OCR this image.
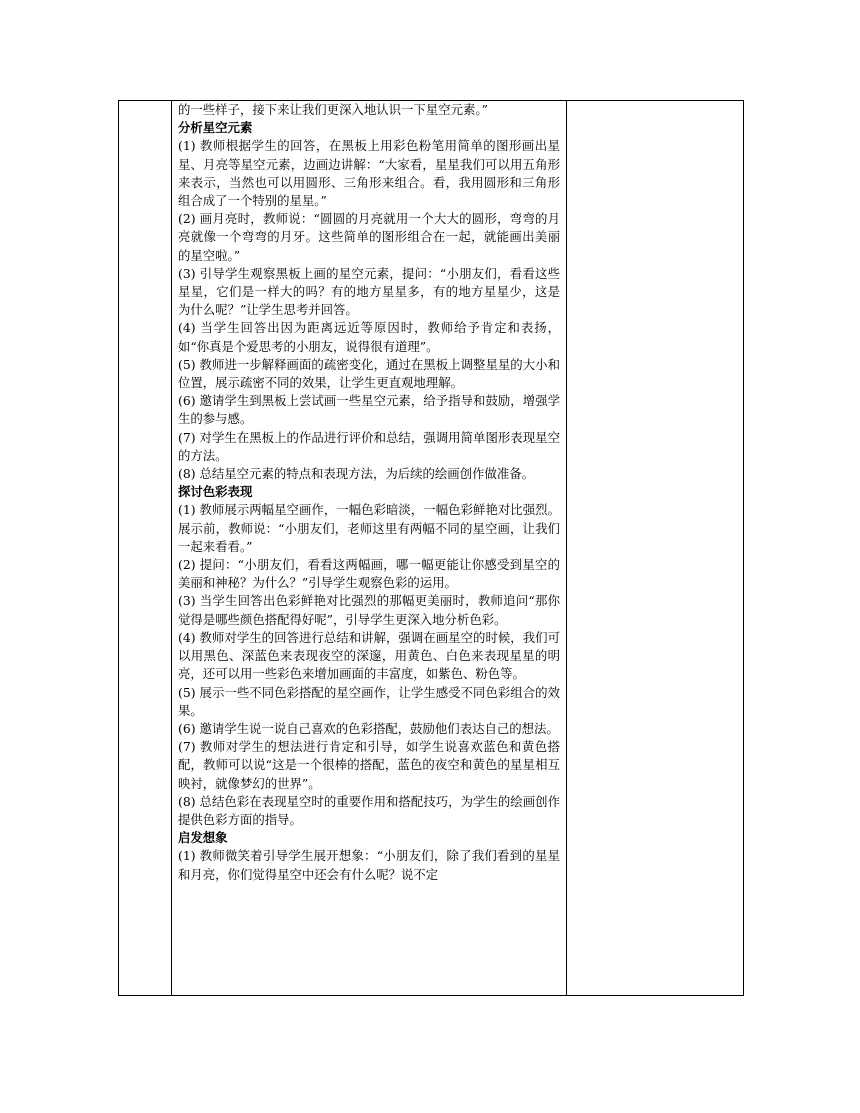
的一些样子，接下来让我们更深入地认识一下星空元素。”

分析星空元素

(1) 教师根据学生的回答，在黑板上用彩色粉笔用简单的图形画出星星、月亮等星空元素，边画边讲解：“大家看，星星我们可以用五角形来表示，当然也可以用圆形、三角形来组合。看，我用圆形和三角形组合成了一个特别的星星。”

(2) 画月亮时，教师说：“圆圆的月亮就用一个大大的圆形，弯弯的月亮就像一个弯弯的月牙。这些简单的图形组合在一起，就能画出美丽的星空啦。”

(3) 引导学生观察黑板上画的星空元素，提问：“小朋友们，看看这些星星，它们是一样大的吗？有的地方星星多，有的地方星星少，这是为什么呢？”让学生思考并回答。

(4) 当学生回答出因为距离远近等原因时，教师给予肯定和表扬，如“你真是个爱思考的小朋友，说得很有道理”。

(5) 教师进一步解释画面的疏密变化，通过在黑板上调整星星的大小和位置，展示疏密不同的效果，让学生更直观地理解。

(6) 邀请学生到黑板上尝试画一些星空元素，给予指导和鼓励，增强学生的参与感。

(7) 对学生在黑板上的作品进行评价和总结，强调用简单图形表现星空的方法。

(8) 总结星空元素的特点和表现方法，为后续的绘画创作做准备。

探讨色彩表现

(1) 教师展示两幅星空画作，一幅色彩暗淡，一幅色彩鲜艳对比强烈。展示前，教师说：“小朋友们，老师这里有两幅不同的星空画，让我们一起来看看。”

(2) 提问：“小朋友们，看看这两幅画，哪一幅更能让你感受到星空的美丽和神秘？为什么？”引导学生观察色彩的运用。

(3) 当学生回答出色彩鲜艳对比强烈的那幅更美丽时，教师追问“那你觉得是哪些颜色搭配得好呢”，引导学生更深入地分析色彩。

(4) 教师对学生的回答进行总结和讲解，强调在画星空的时候，我们可以用黑色、深蓝色来表现夜空的深邃，用黄色、白色来表现星星的明亮，还可以用一些彩色来增加画面的丰富度，如紫色、粉色等。

(5) 展示一些不同色彩搭配的星空画作，让学生感受不同色彩组合的效果。

(6) 邀请学生说一说自己喜欢的色彩搭配，鼓励他们表达自己的想法。

(7) 教师对学生的想法进行肯定和引导，如学生说喜欢蓝色和黄色搭配，教师可以说“这是一个很棒的搭配，蓝色的夜空和黄色的星星相互映衬，就像梦幻的世界”。

(8) 总结色彩在表现星空时的重要作用和搭配技巧，为学生的绘画创作提供色彩方面的指导。

启发想象

(1) 教师微笑着引导学生展开想象：“小朋友们，除了我们看到的星星和月亮，你们觉得星空中还会有什么呢？说不定
